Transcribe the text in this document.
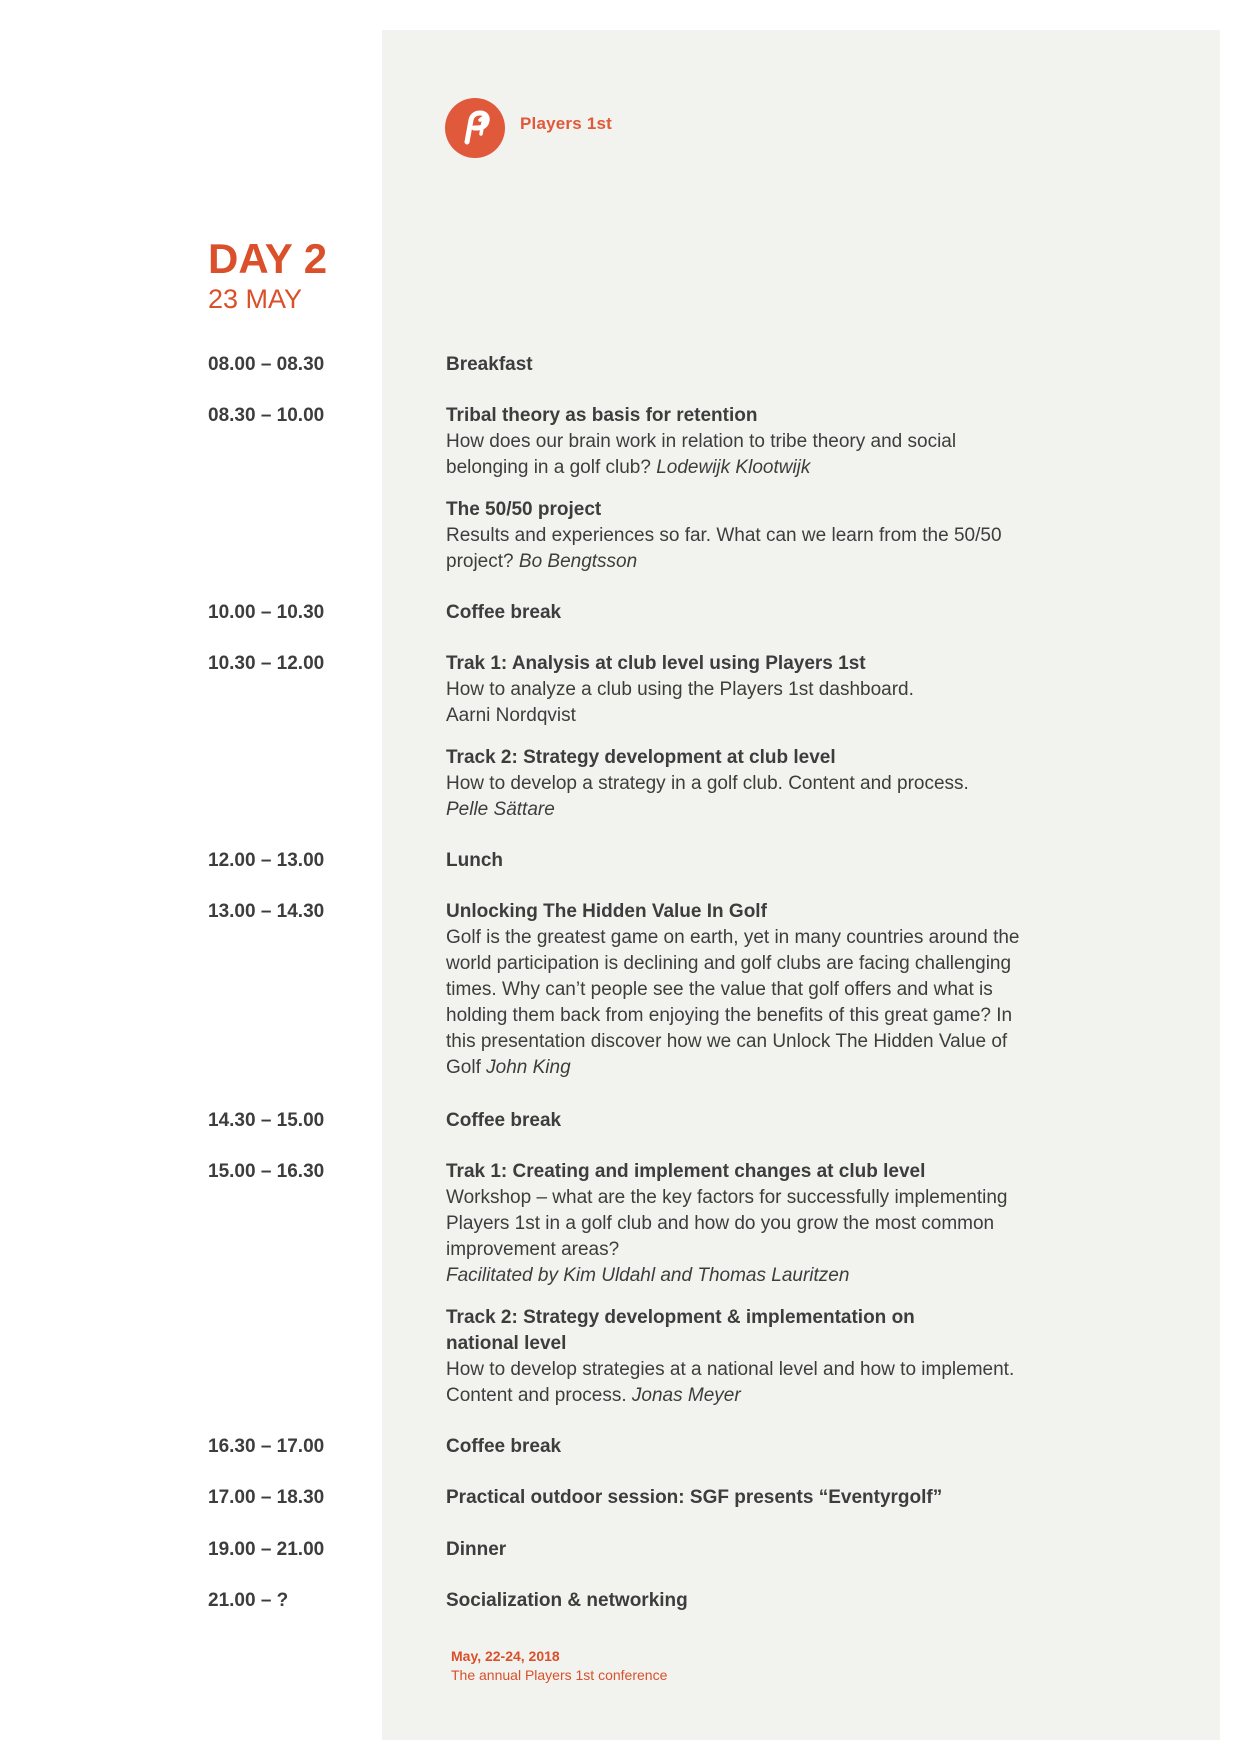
Players 1st
DAY 2
23 MAY
08.00 – 08.30	Breakfast
08.30 – 10.00	Tribal theory as basis for retention
How does our brain work in relation to tribe theory and social belonging in a golf club? Lodewijk Klootwijk
The 50/50 project
Results and experiences so far. What can we learn from the 50/50 project? Bo Bengtsson
10.00 – 10.30	Coffee break
10.30 – 12.00	Trak 1: Analysis at club level using Players 1st
How to analyze a club using the Players 1st dashboard.
Aarni Nordqvist
Track 2: Strategy development at club level
How to develop a strategy in a golf club. Content and process.
Pelle Sättare
12.00 – 13.00	Lunch
13.00 – 14.30	Unlocking The Hidden Value In Golf
Golf is the greatest game on earth, yet in many countries around the world participation is declining and golf clubs are facing challenging times. Why can’t people see the value that golf offers and what is holding them back from enjoying the benefits of this great game? In this presentation discover how we can Unlock The Hidden Value of Golf John King
14.30 – 15.00	Coffee break
15.00 – 16.30	Trak 1: Creating and implement changes at club level
Workshop – what are the key factors for successfully implementing Players 1st in a golf club and how do you grow the most common improvement areas?
Facilitated by Kim Uldahl and Thomas Lauritzen
Track 2: Strategy development & implementation on national level
How to develop strategies at a national level and how to implement. Content and process. Jonas Meyer
16.30 – 17.00	Coffee break
17.00 – 18.30	Practical outdoor session: SGF presents “Eventyrgolf”
19.00 – 21.00	Dinner
21.00 – ?	Socialization & networking
May, 22-24, 2018
The annual Players 1st conference
